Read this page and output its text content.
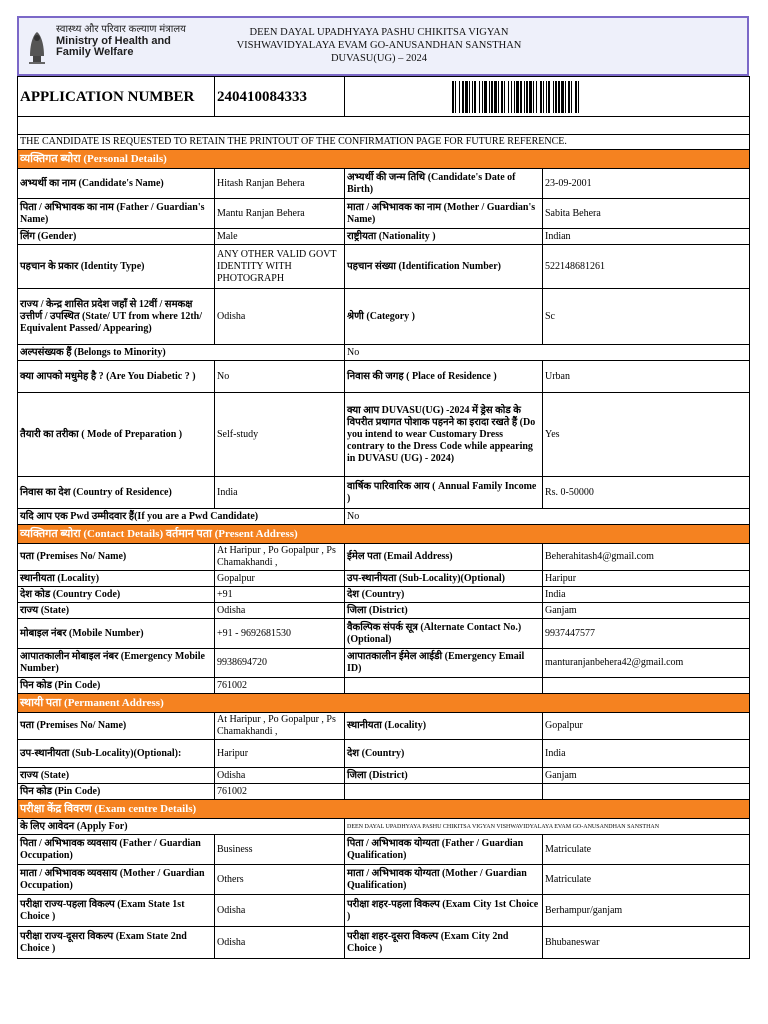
स्वास्थ्य और परिवार कल्याण मंत्रालय
Ministry of Health and
Family Welfare
DEEN DAYAL UPADHYAYA PASHU CHIKITSA VIGYAN
VISHWAVIDYALAYA EVAM GO-ANUSANDHAN SANSTHAN
DUVASU(UG) – 2024
APPLICATION NUMBER	240410084333		

THE CANDIDATE IS REQUESTED TO RETAIN THE PRINTOUT OF THE CONFIRMATION PAGE FOR FUTURE REFERENCE.			
व्यक्तिगत ब्योरा (Personal Details)			
अभ्यर्थी का नाम (Candidate's Name)	Hitash Ranjan Behera	अभ्यर्थी की जन्म तिथि (Candidate's Date of Birth)	23-09-2001
पिता / अभिभावक का नाम (Father / Guardian's Name)	Mantu Ranjan Behera	माता / अभिभावक का नाम (Mother / Guardian's Name)	Sabita Behera
लिंग (Gender)	Male	राष्ट्रीयता (Nationality )	Indian
पहचान के प्रकार (Identity Type)	ANY OTHER VALID GOVT IDENTITY WITH PHOTOGRAPH	पहचान संख्या (Identification Number)	522148681261
राज्य / केन्द्र शासित प्रदेश जहाँ से 12वीं / समकक्ष उत्तीर्ण / उपस्थित (State/ UT from where 12th/ Equivalent Passed/ Appearing)	Odisha	श्रेणी (Category )	Sc
अल्पसंख्यक हैं (Belongs to Minority)		No	
क्या आपको मधुमेह है ? (Are You Diabetic ? )	No	निवास की जगह ( Place of Residence )	Urban
तैयारी का तरीका ( Mode of Preparation )	Self-study	क्या आप DUVASU(UG) -2024 में ड्रेस कोड के विपरीत प्रथागत पोशाक पहनने का इरादा रखते हैं (Do you intend to wear Customary Dress contrary to the Dress Code while appearing in DUVASU (UG) - 2024)	Yes
निवास का देश (Country of Residence)	India	वार्षिक पारिवारिक आय ( Annual Family Income )	Rs. 0-50000
यदि आप एक Pwd उम्मीदवार हैं(If you are a Pwd Candidate)		No	
व्यक्तिगत ब्योरा (Contact Details) वर्तमान पता (Present Address)			
पता (Premises No/ Name)	At Haripur , Po Gopalpur , Ps Chamakhandi ,	ईमेल पता (Email Address)	Beherahitash4@gmail.com
स्थानीयता (Locality)	Gopalpur	उप-स्थानीयता (Sub-Locality)(Optional)	Haripur
देश कोड (Country Code)	+91	देश (Country)	India
राज्य (State)	Odisha	जिला (District)	Ganjam
मोबाइल नंबर (Mobile Number)	+91 - 9692681530	वैकल्पिक संपर्क सूत्र (Alternate Contact No.) (Optional)	9937447577
आपातकालीन मोबाइल नंबर (Emergency Mobile Number)	9938694720	आपातकालीन ईमेल आईडी (Emergency Email ID)	manturanjanbehera42@gmail.com
पिन कोड (Pin Code)	761002		
स्थायी पता (Permanent Address)			
पता (Premises No/ Name)	At Haripur , Po Gopalpur , Ps Chamakhandi ,	स्थानीयता (Locality)	Gopalpur
उप-स्थानीयता (Sub-Locality)(Optional):	Haripur	देश (Country)	India
राज्य (State)	Odisha	जिला (District)	Ganjam
पिन कोड (Pin Code)	761002		
परीक्षा केंद्र विवरण (Exam centre Details)			
के लिए आवेदन (Apply For)		DEEN DAYAL UPADHYAYA PASHU CHIKITSA VIGYAN VISHWAVIDYALAYA EVAM GO-ANUSANDHAN SANSTHAN	
पिता / अभिभावक व्यवसाय (Father / Guardian Occupation)	Business	पिता / अभिभावक योग्यता (Father / Guardian Qualification)	Matriculate
माता / अभिभावक व्यवसाय (Mother / Guardian Occupation)	Others	माता / अभिभावक योग्यता (Mother / Guardian Qualification)	Matriculate
परीक्षा राज्य-पहला विकल्प (Exam State 1st Choice )	Odisha	परीक्षा शहर-पहला विकल्प (Exam City 1st Choice )	Berhampur/ganjam
परीक्षा राज्य-दूसरा विकल्प (Exam State 2nd Choice )	Odisha	परीक्षा शहर-दूसरा विकल्प (Exam City 2nd Choice )	Bhubaneswar
